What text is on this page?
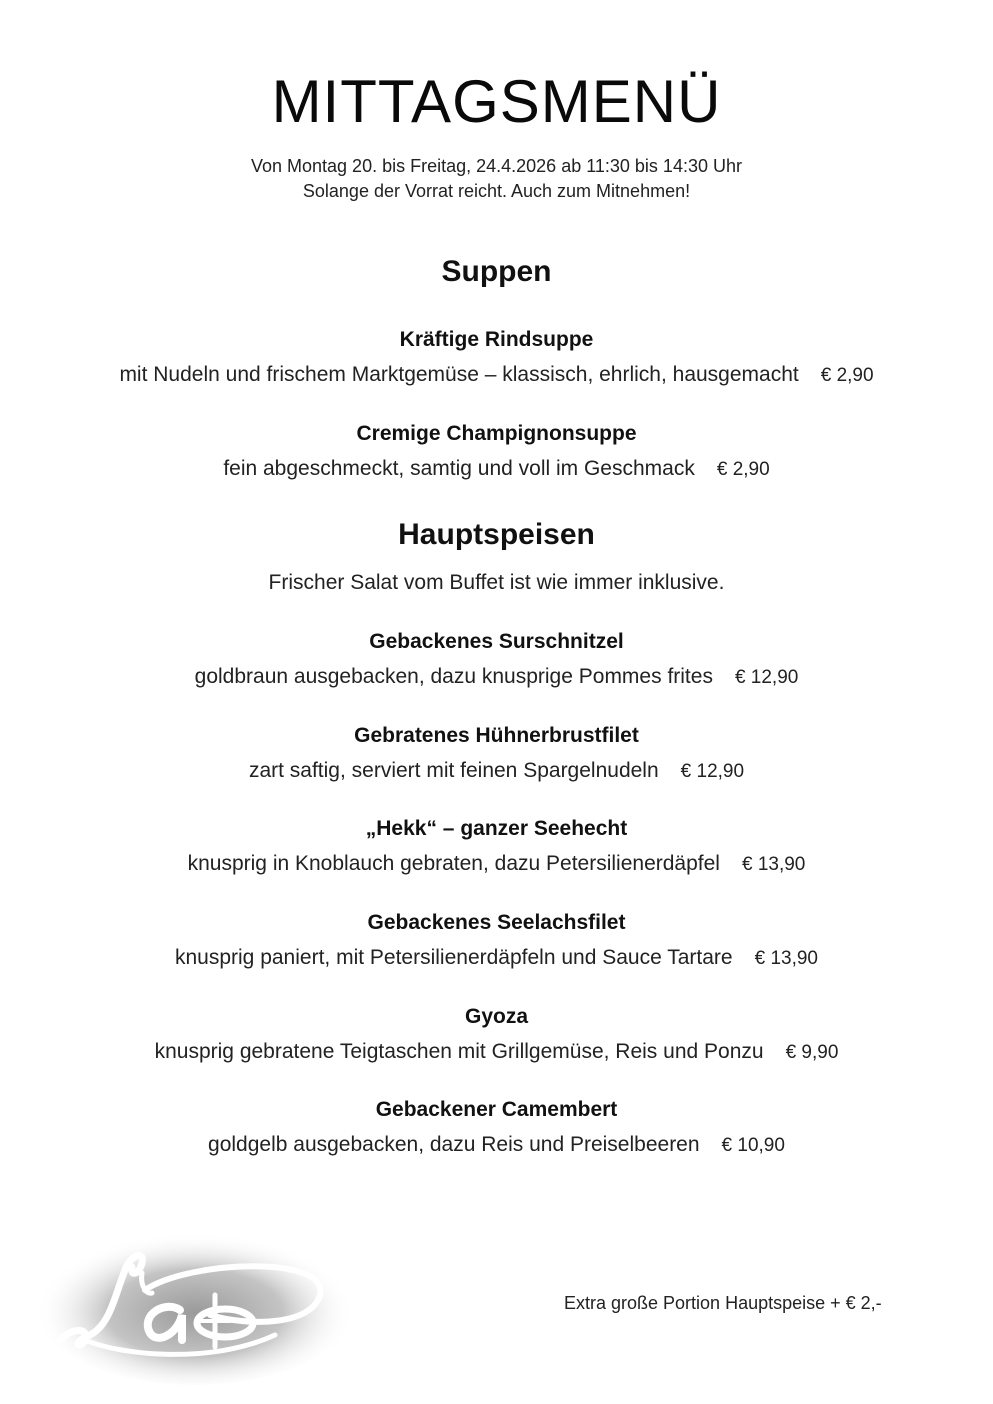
MITTAGSMENÜ
Von Montag 20. bis Freitag, 24.4.2026 ab 11:30 bis 14:30 Uhr
Solange der Vorrat reicht. Auch zum Mitnehmen!
Suppen
Kräftige Rindsuppe
mit Nudeln und frischem Marktgemüse – klassisch, ehrlich, hausgemacht € 2,90
Cremige Champignonsuppe
fein abgeschmeckt, samtig und voll im Geschmack € 2,90
Hauptspeisen
Frischer Salat vom Buffet ist wie immer inklusive.
Gebackenes Surschnitzel
goldbraun ausgebacken, dazu knusprige Pommes frites € 12,90
Gebratenes Hühnerbrustfilet
zart saftig, serviert mit feinen Spargelnudeln € 12,90
„Hekk“ – ganzer Seehecht
knusprig in Knoblauch gebraten, dazu Petersilienerdäpfel € 13,90
Gebackenes Seelachsfilet
knusprig paniert, mit Petersilienerdäpfeln und Sauce Tartare € 13,90
Gyoza
knusprig gebratene Teigtaschen mit Grillgemüse, Reis und Ponzu € 9,90
Gebackener Camembert
goldgelb ausgebacken, dazu Reis und Preiselbeeren € 10,90
Extra große Portion Hauptspeise + € 2,-
